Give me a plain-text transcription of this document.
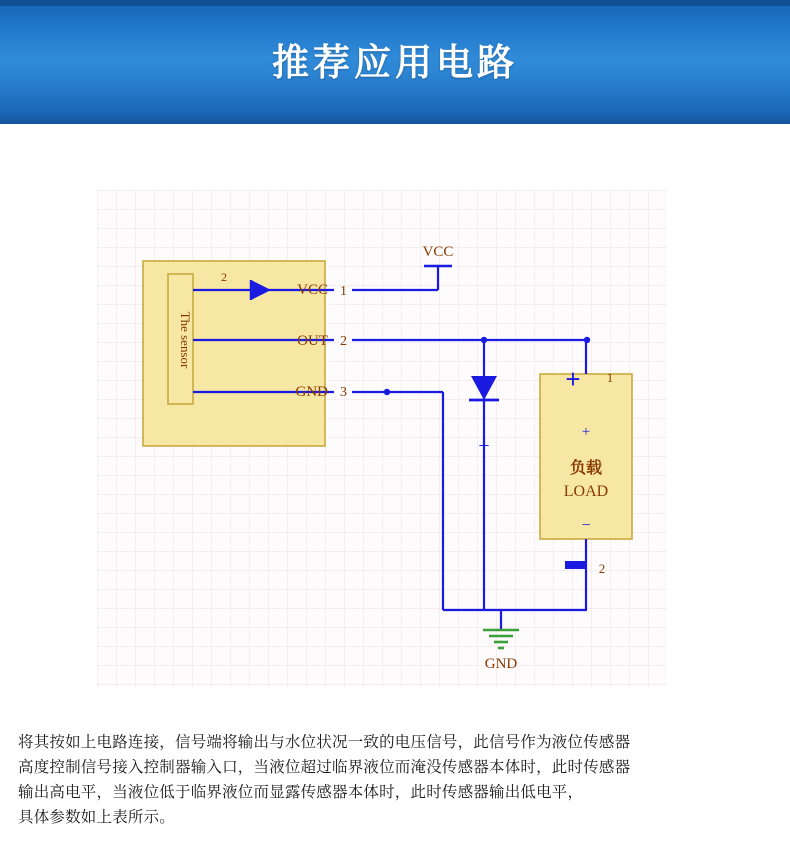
推荐应用电路
The sensor
VCC
OUT
GND
2
1
2
3
VCC
−
+
负载
LOAD
−
+ 1
2
GND

将其按如上电路连接，信号端将输出与水位状况一致的电压信号，此信号作为液位传感器

高度控制信号接入控制器输入口，当液位超过临界液位而淹没传感器本体时，此时传感器

输出高电平，当液位低于临界液位而显露传感器本体时，此时传感器输出低电平，

具体参数如上表所示。
